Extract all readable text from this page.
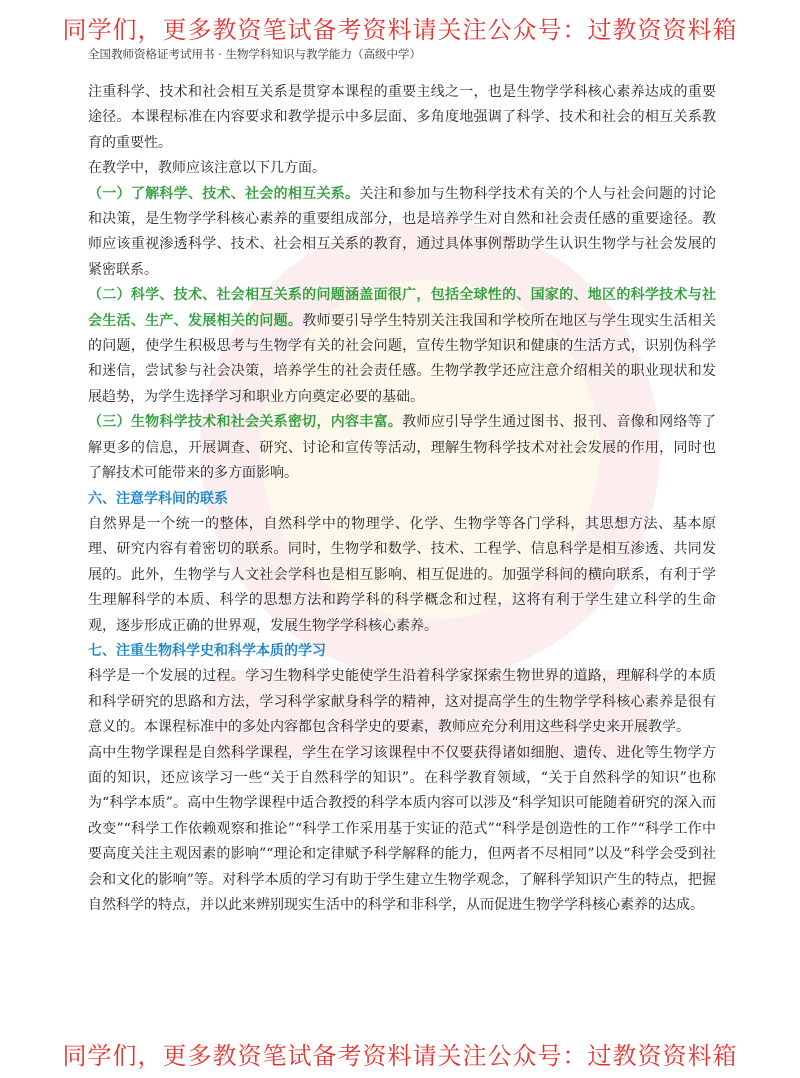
同学们，更多教资笔试备考资料请关注公众号：过教资资料箱
全国教师资格证考试用书 · 生物学科知识与教学能力（高级中学）

注重科学、技术和社会相互关系是贯穿本课程的重要主线之一，也是生物学学科核心素养达成的重要途径。本课程标准在内容要求和教学提示中多层面、多角度地强调了科学、技术和社会的相互关系教育的重要性。

在教学中，教师应该注意以下几方面。

（一）了解科学、技术、社会的相互关系。关注和参加与生物科学技术有关的个人与社会问题的讨论和决策，是生物学学科核心素养的重要组成部分，也是培养学生对自然和社会责任感的重要途径。教师应该重视渗透科学、技术、社会相互关系的教育，通过具体事例帮助学生认识生物学与社会发展的紧密联系。

（二）科学、技术、社会相互关系的问题涵盖面很广，包括全球性的、国家的、地区的科学技术与社会生活、生产、发展相关的问题。教师要引导学生特别关注我国和学校所在地区与学生现实生活相关的问题，使学生积极思考与生物学有关的社会问题，宣传生物学知识和健康的生活方式，识别伪科学和迷信，尝试参与社会决策，培养学生的社会责任感。生物学教学还应注意介绍相关的职业现状和发展趋势，为学生选择学习和职业方向奠定必要的基础。

（三）生物科学技术和社会关系密切，内容丰富。教师应引导学生通过图书、报刊、音像和网络等了解更多的信息，开展调查、研究、讨论和宣传等活动，理解生物科学技术对社会发展的作用，同时也了解技术可能带来的多方面影响。

六、注意学科间的联系

自然界是一个统一的整体，自然科学中的物理学、化学、生物学等各门学科，其思想方法、基本原理、研究内容有着密切的联系。同时，生物学和数学、技术、工程学、信息科学是相互渗透、共同发展的。此外，生物学与人文社会学科也是相互影响、相互促进的。加强学科间的横向联系，有利于学生理解科学的本质、科学的思想方法和跨学科的科学概念和过程，这将有利于学生建立科学的生命观，逐步形成正确的世界观，发展生物学学科核心素养。

七、注重生物科学史和科学本质的学习

科学是一个发展的过程。学习生物科学史能使学生沿着科学家探索生物世界的道路，理解科学的本质和科学研究的思路和方法，学习科学家献身科学的精神，这对提高学生的生物学学科核心素养是很有意义的。本课程标准中的多处内容都包含科学史的要素，教师应充分利用这些科学史来开展教学。

高中生物学课程是自然科学课程，学生在学习该课程中不仅要获得诸如细胞、遗传、进化等生物学方面的知识，还应该学习一些“关于自然科学的知识”。在科学教育领域，“关于自然科学的知识”也称为“科学本质”。高中生物学课程中适合教授的科学本质内容可以涉及“科学知识可能随着研究的深入而改变”“科学工作依赖观察和推论”“科学工作采用基于实证的范式”“科学是创造性的工作”“科学工作中要高度关注主观因素的影响”“理论和定律赋予科学解释的能力，但两者不尽相同”以及“科学会受到社会和文化的影响”等。对科学本质的学习有助于学生建立生物学观念，了解科学知识产生的特点，把握自然科学的特点，并以此来辨别现实生活中的科学和非科学，从而促进生物学学科核心素养的达成。

同学们，更多教资笔试备考资料请关注公众号：过教资资料箱
